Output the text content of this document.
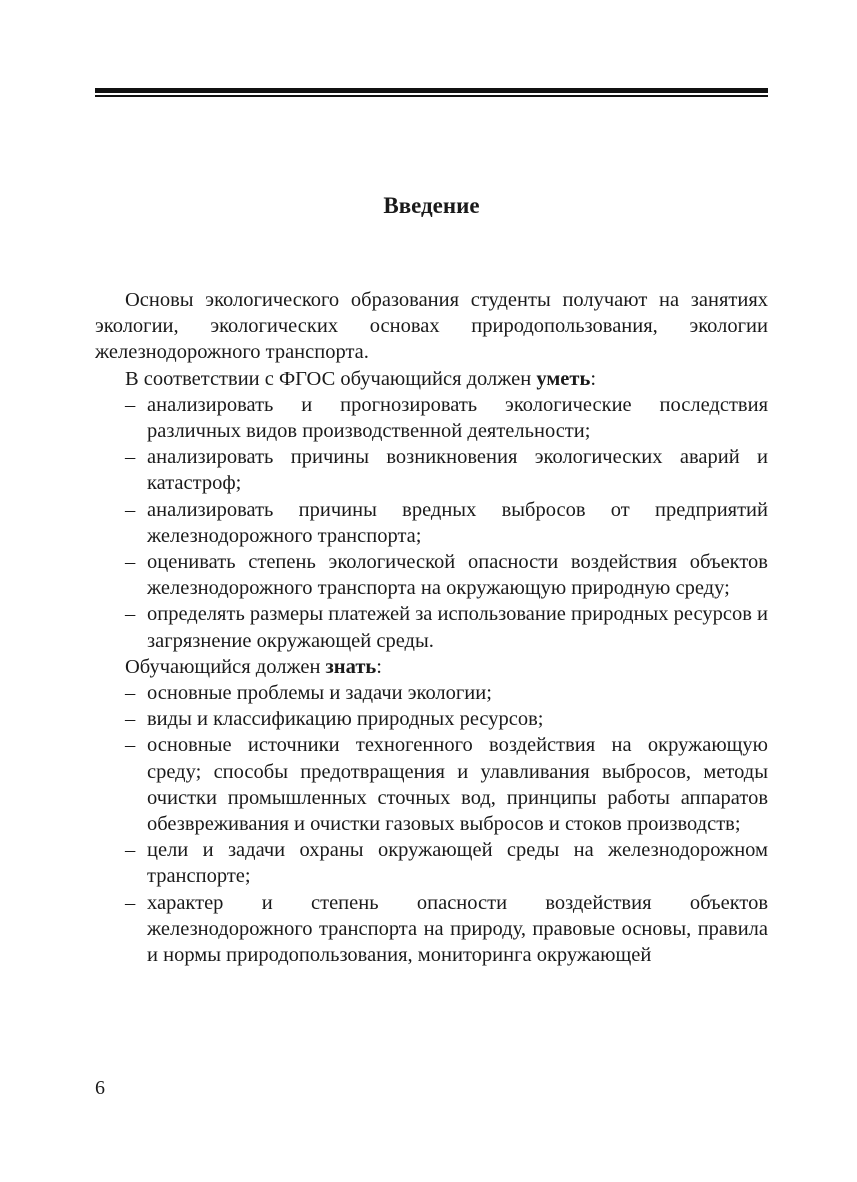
Введение

Основы экологического образования студенты получают на занятиях экологии, экологических основах природопользования, экологии железнодорожного транспорта.

В соответствии с ФГОС обучающийся должен уметь:

– анализировать и прогнозировать экологические последствия различных видов производственной деятельности;
– анализировать причины возникновения экологических аварий и катастроф;
– анализировать причины вредных выбросов от предприятий железнодорожного транспорта;
– оценивать степень экологической опасности воздействия объектов железнодорожного транспорта на окружающую природную среду;
– определять размеры платежей за использование природных ресурсов и загрязнение окружающей среды.

Обучающийся должен знать:

– основные проблемы и задачи экологии;
– виды и классификацию природных ресурсов;
– основные источники техногенного воздействия на окружающую среду; способы предотвращения и улавливания выбросов, методы очистки промышленных сточных вод, принципы работы аппаратов обезвреживания и очистки газовых выбросов и стоков производств;
– цели и задачи охраны окружающей среды на железнодорожном транспорте;
– характер и степень опасности воздействия объектов железнодорожного транспорта на природу, правовые основы, правила и нормы природопользования, мониторинга окружающей
6
